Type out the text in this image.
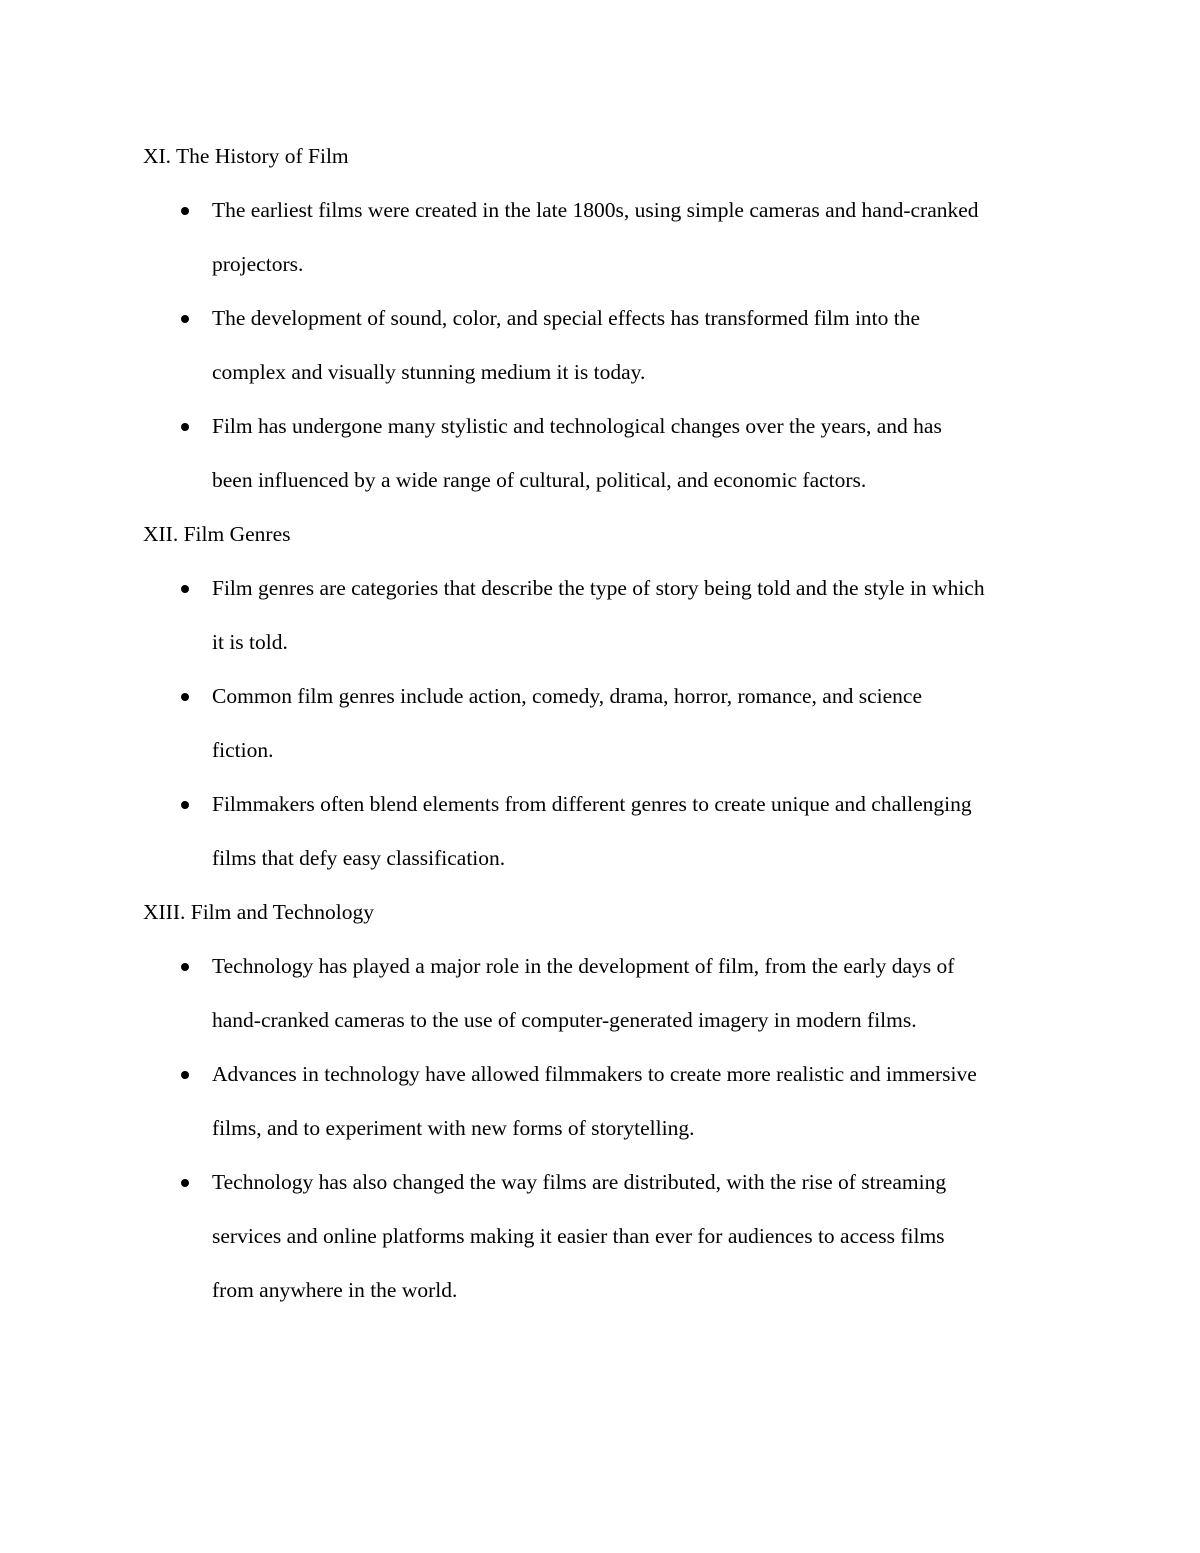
XI. The History of Film
The earliest films were created in the late 1800s, using simple cameras and hand-cranked
projectors.
The development of sound, color, and special effects has transformed film into the
complex and visually stunning medium it is today.
Film has undergone many stylistic and technological changes over the years, and has
been influenced by a wide range of cultural, political, and economic factors.
XII. Film Genres
Film genres are categories that describe the type of story being told and the style in which
it is told.
Common film genres include action, comedy, drama, horror, romance, and science
fiction.
Filmmakers often blend elements from different genres to create unique and challenging
films that defy easy classification.
XIII. Film and Technology
Technology has played a major role in the development of film, from the early days of
hand-cranked cameras to the use of computer-generated imagery in modern films.
Advances in technology have allowed filmmakers to create more realistic and immersive
films, and to experiment with new forms of storytelling.
Technology has also changed the way films are distributed, with the rise of streaming
services and online platforms making it easier than ever for audiences to access films
from anywhere in the world.
